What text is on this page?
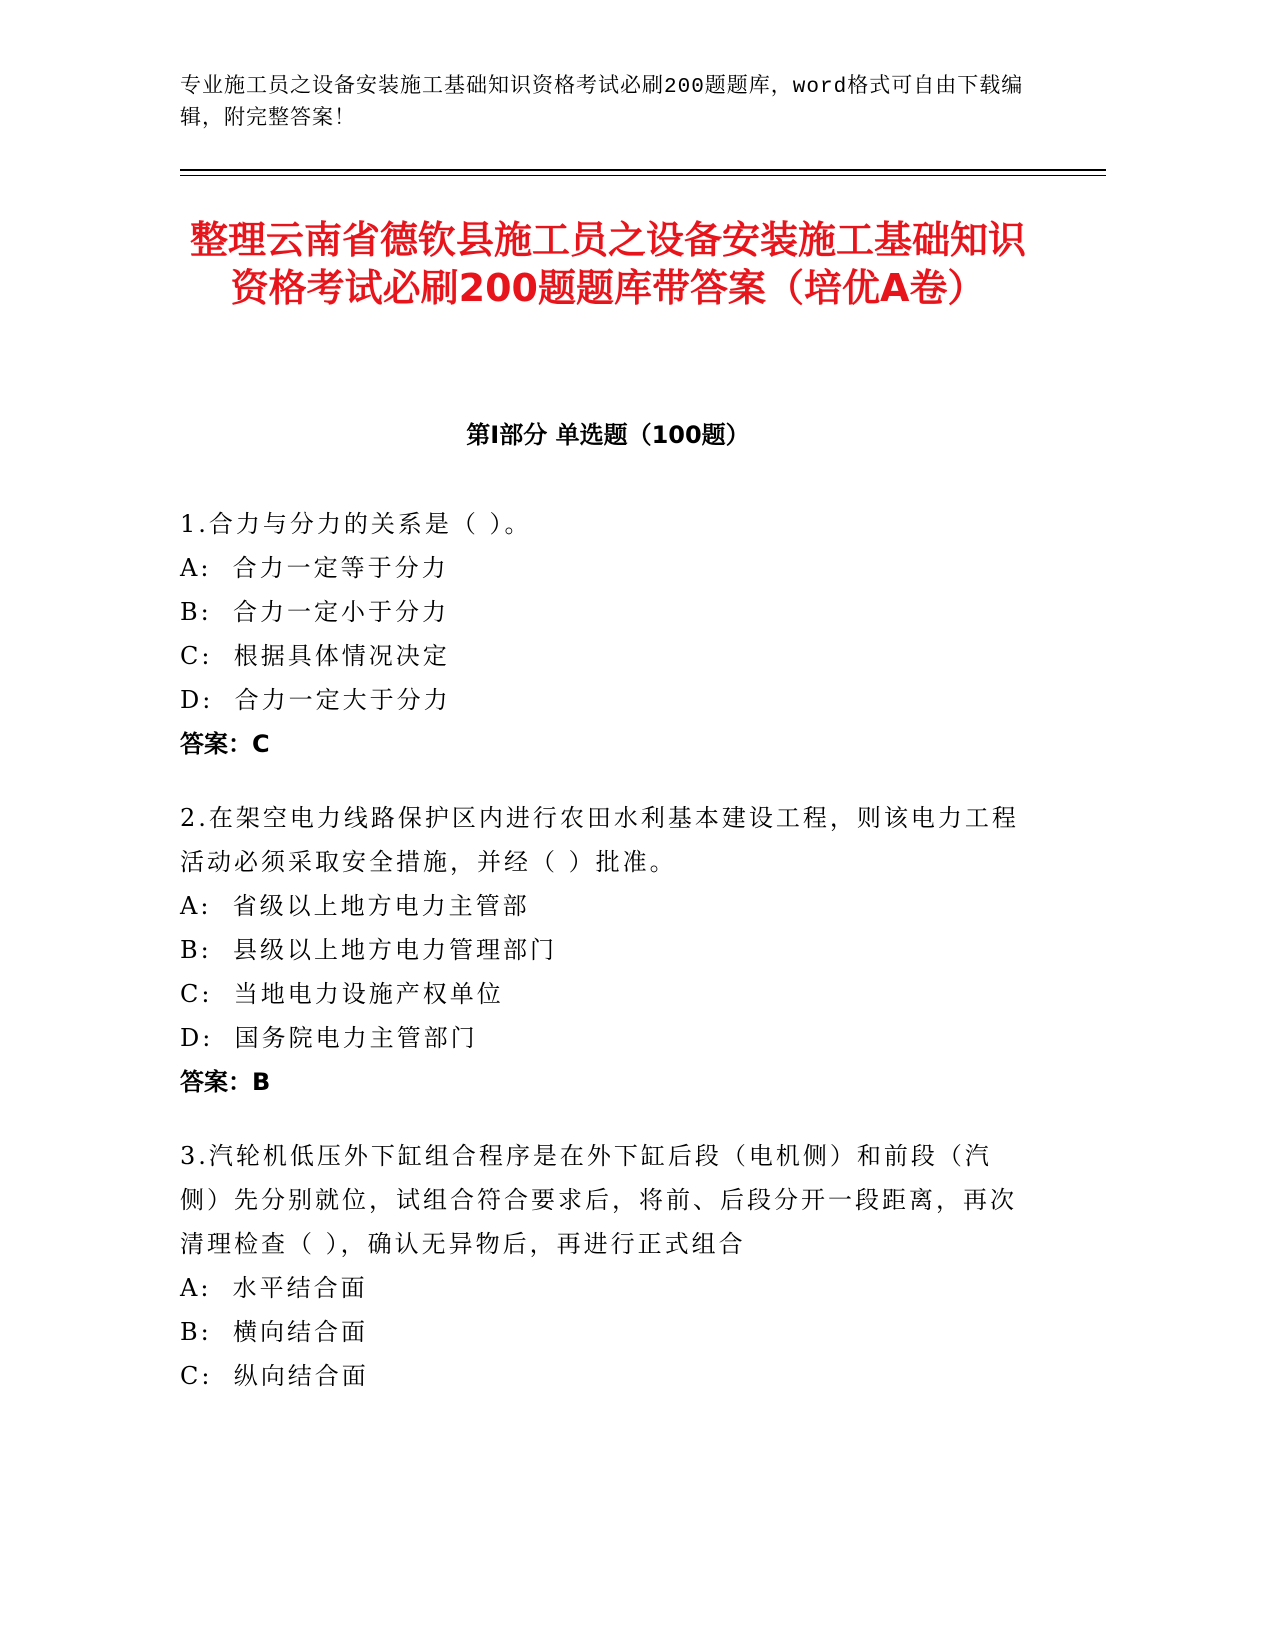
专业施工员之设备安装施工基础知识资格考试必刷200题题库，word格式可自由下载编辑，附完整答案！
整理云南省德钦县施工员之设备安装施工基础知识资格考试必刷200题题库带答案（培优A卷）
第Ⅰ部分 单选题（100题）
1.合力与分力的关系是（ ）。
A:  合力一定等于分力
B:  合力一定小于分力
C:  根据具体情况决定
D:  合力一定大于分力
答案：C
2.在架空电力线路保护区内进行农田水利基本建设工程，则该电力工程活动必须采取安全措施，并经（ ）批准。
A:  省级以上地方电力主管部
B:  县级以上地方电力管理部门
C:  当地电力设施产权单位
D:  国务院电力主管部门
答案：B
3.汽轮机低压外下缸组合程序是在外下缸后段（电机侧）和前段（汽侧）先分别就位，试组合符合要求后，将前、后段分开一段距离，再次清理检查（ ），确认无异物后，再进行正式组合
A:  水平结合面
B:  横向结合面
C:  纵向结合面
